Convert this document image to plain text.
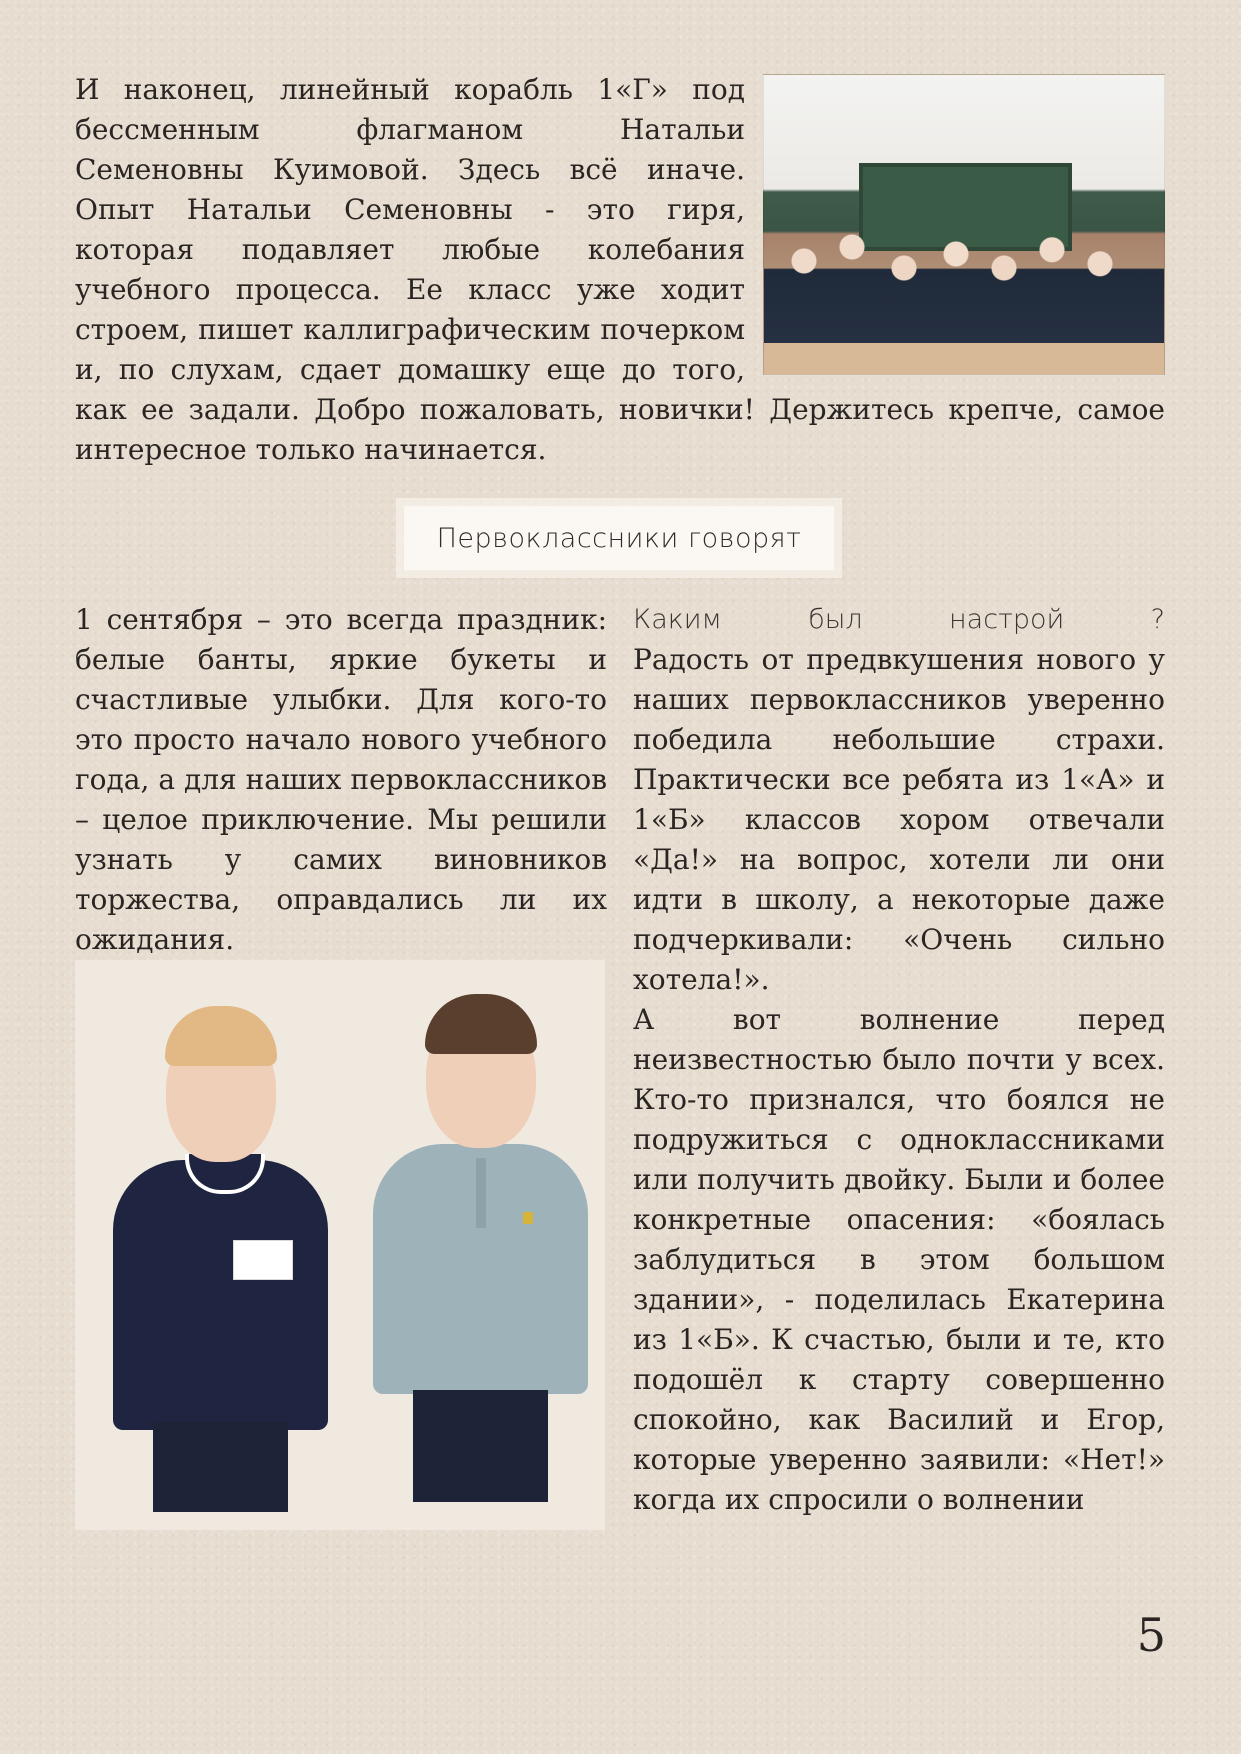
И наконец, линейный корабль 1«Г» под бессменным флагманом Натальи Семеновны Куимовой. Здесь всё иначе. Опыт Натальи Семеновны - это гиря, которая подавляет любые колебания учебного процесса. Ее класс уже ходит строем, пишет каллиграфическим почерком и, по слухам, сдает домашку еще до того, как ее задали. Добро пожаловать, новички! Держитесь крепче, самое интересное только начинается.

Первоклассники говорят

1 сентября – это всегда праздник: белые банты, яркие букеты и счастливые улыбки. Для кого-то это просто начало нового учебного года, а для наших первоклассников – целое приключение. Мы решили узнать у самих виновников торжества, оправдались ли их ожидания.

Каким был настрой ?

Радость от предвкушения нового у наших первоклассников уверенно победила небольшие страхи. Практически все ребята из 1«А» и 1«Б» классов хором отвечали «Да!» на вопрос, хотели ли они идти в школу, а некоторые даже подчеркивали: «Очень сильно хотела!».

А вот волнение перед неизвестностью было почти у всех. Кто-то признался, что боялся не подружиться с одноклассниками или получить двойку. Были и более конкретные опасения: «боялась заблудиться в этом большом здании», - поделилась Екатерина из 1«Б». К счастью, были и те, кто подошёл к старту совершенно спокойно, как Василий и Егор, которые уверенно заявили: «Нет!» когда их спросили о волнении

5
